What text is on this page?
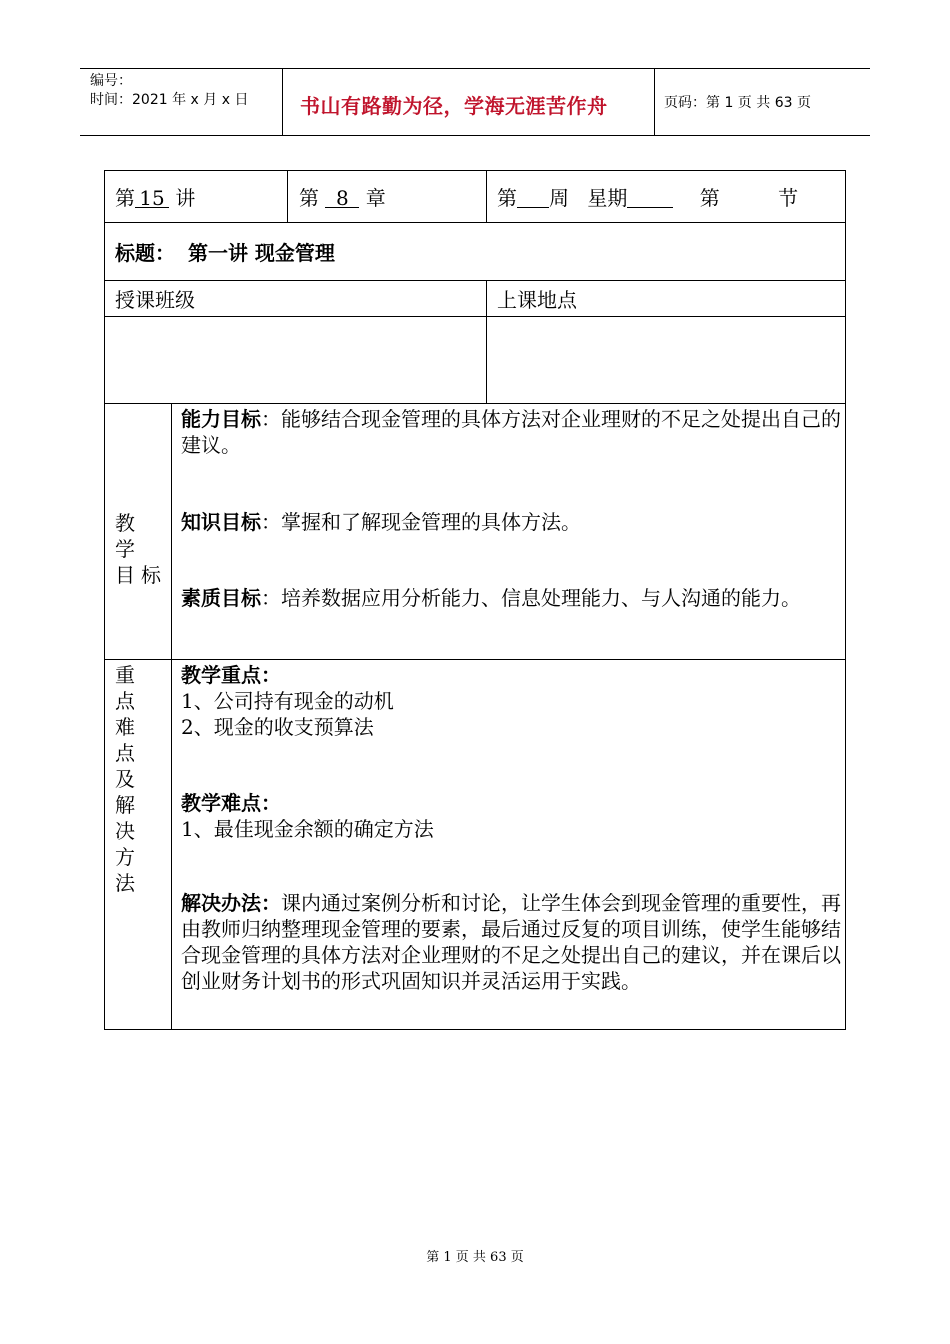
编号：
时间：2021 年 x 月 x 日	书山有路勤为径，学海无涯苦作舟	页码：第 1 页 共 63 页
第 15 讲	第 8 章	第 周 星期	第	节
标题： 第一讲 现金管理
授课班级	上课地点
教 学 目标
能力目标：能够结合现金管理的具体方法对企业理财的不足之处提出自己的建议。
知识目标：掌握和了解现金管理的具体方法。
素质目标：培养数据应用分析能力、信息处理能力、与人沟通的能力。
重 点 难 点 及 解 决 方 法
教学重点：
1、公司持有现金的动机
2、现金的收支预算法
教学难点：
1、最佳现金余额的确定方法
解决办法：课内通过案例分析和讨论，让学生体会到现金管理的重要性，再由教师归纳整理现金管理的要素，最后通过反复的项目训练，使学生能够结合现金管理的具体方法对企业理财的不足之处提出自己的建议，并在课后以创业财务计划书的形式巩固知识并灵活运用于实践。
第 1 页 共 63 页
